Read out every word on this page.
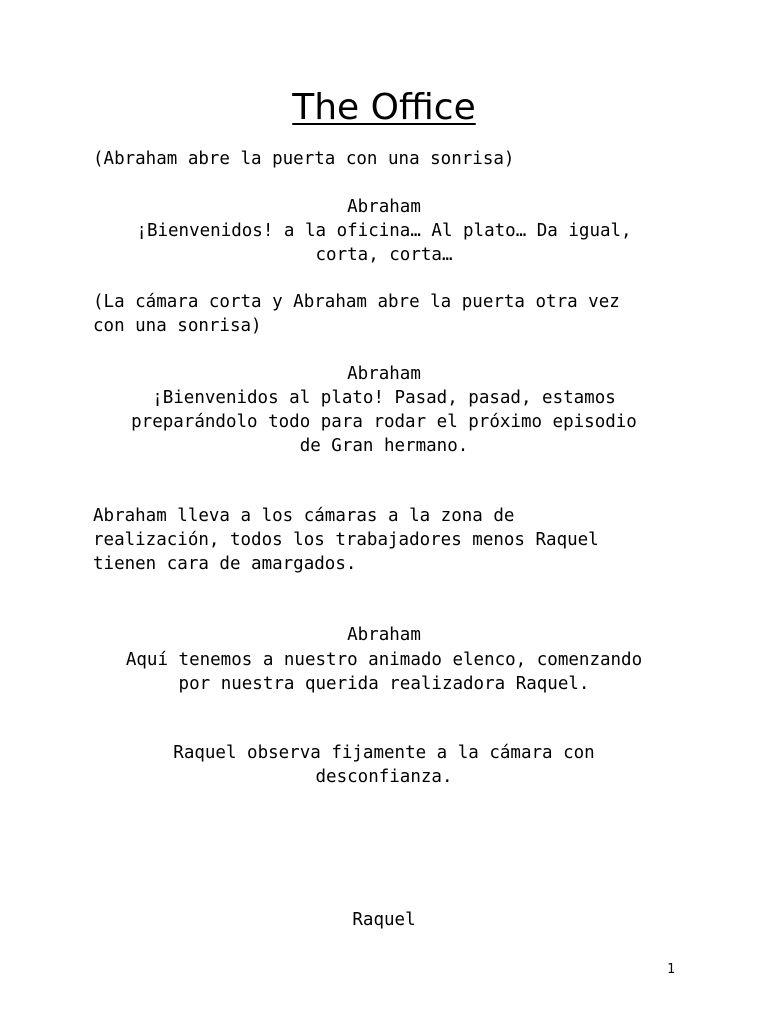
The Office
(Abraham abre la puerta con una sonrisa)
Abraham
¡Bienvenidos! a la oficina… Al plato… Da igual,
corta, corta…
(La cámara corta y Abraham abre la puerta otra vez
con una sonrisa)
Abraham
¡Bienvenidos al plato! Pasad, pasad, estamos
preparándolo todo para rodar el próximo episodio
de Gran hermano.
Abraham lleva a los cámaras a la zona de
realización, todos los trabajadores menos Raquel
tienen cara de amargados.
Abraham
Aquí tenemos a nuestro animado elenco, comenzando
por nuestra querida realizadora Raquel.
Raquel observa fijamente a la cámara con
desconfianza.
Raquel
1
